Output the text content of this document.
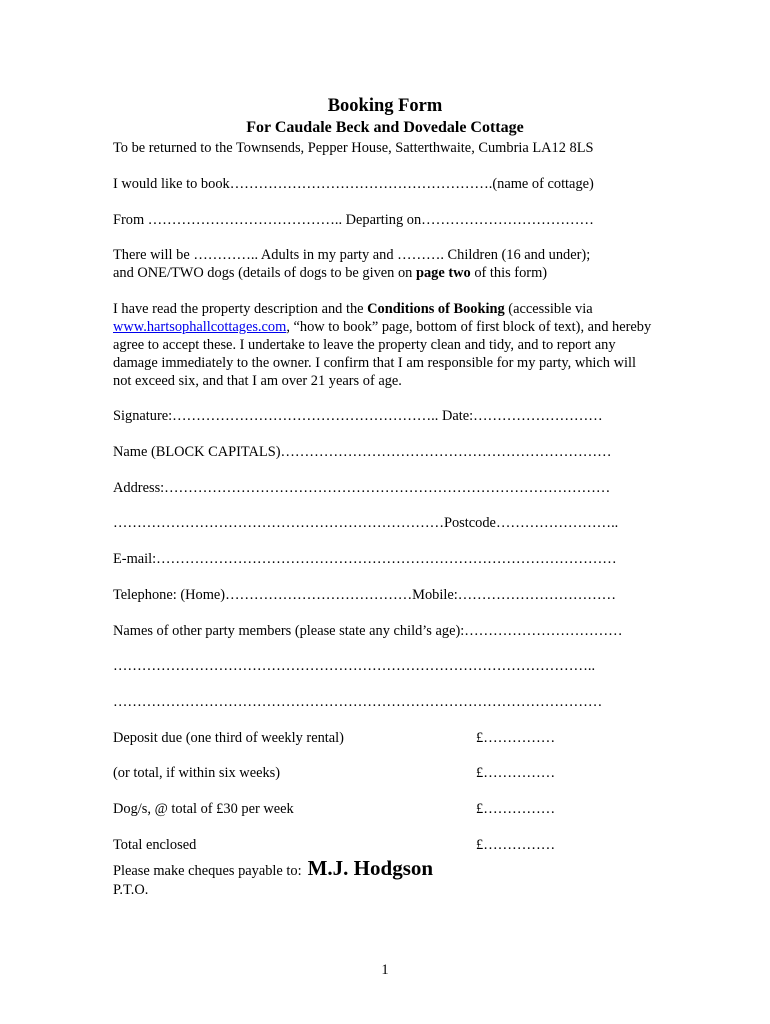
Booking Form
For Caudale Beck and Dovedale Cottage
To be returned to the Townsends, Pepper House, Satterthwaite, Cumbria LA12 8LS
I would like to book……………………………………………….(name of cottage)
From ………………………………….. Departing on………………………………
There will be ………….. Adults in my party and ………. Children (16 and under);
and ONE/TWO dogs (details of dogs to be given on page two of this form)
I have read the property description and the Conditions of Booking (accessible via www.hartsophallcottages.com, “how to book” page, bottom of first block of text), and hereby agree to accept these. I undertake to leave the property clean and tidy, and to report any damage immediately to the owner. I confirm that I am responsible for my party, which will not exceed six, and that I am over 21 years of age.
Signature:……………………………………………….. Date:………………………
Name (BLOCK CAPITALS)……………………………………………………………
Address:…………………………………………………………………………………
……………………………………………………………Postcode……………………..
E-mail:……………………………………………………………………………………
Telephone: (Home)…………………………………Mobile:……………………………
Names of other party members (please state any child’s age):……………………………
………………………………………………………………………………………..
…………………………………………………………………………………………
Deposit due (one third of weekly rental)	£……………
(or total, if within six weeks)	£……………
Dog/s, @ total of £30 per week	£……………
Total enclosed	£……………
Please make cheques payable to: M.J. Hodgson
P.T.O.
1
